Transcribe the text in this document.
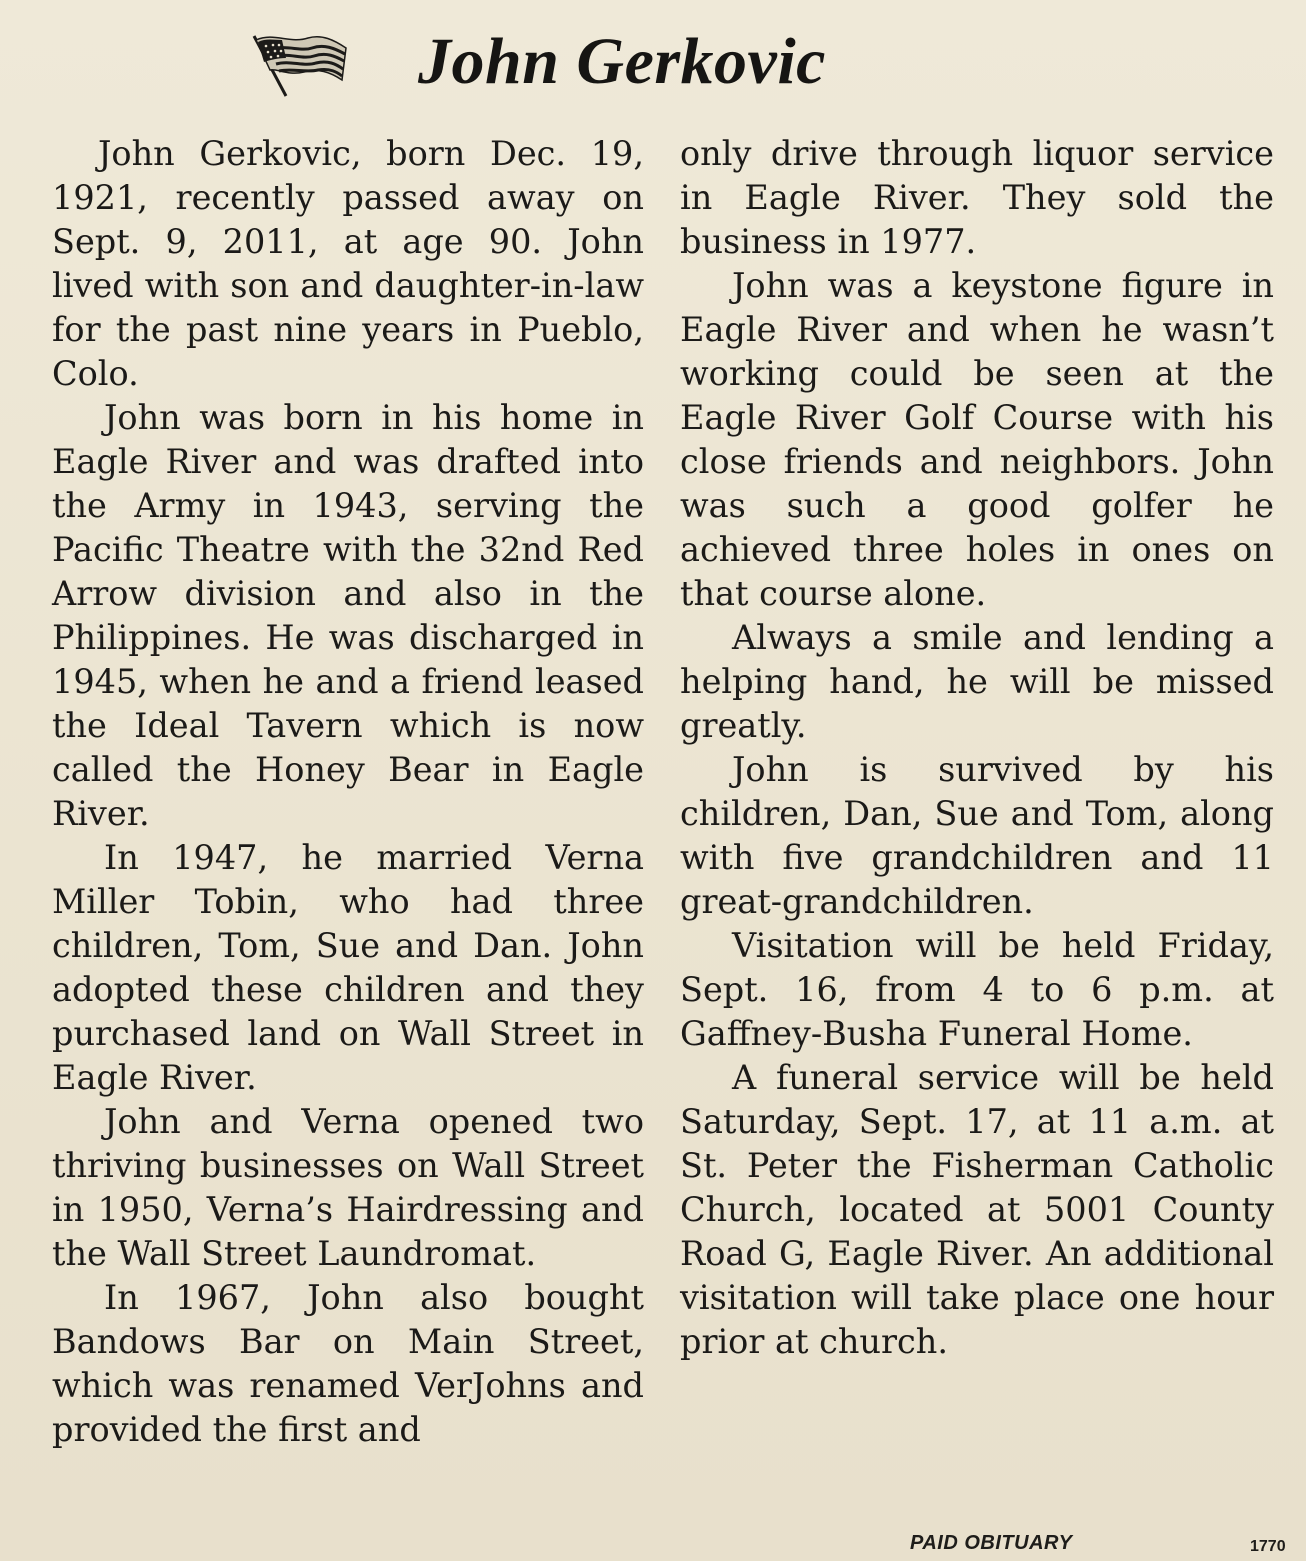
John Gerkovic

John Gerkovic, born Dec. 19, 1921, recently passed away on Sept. 9, 2011, at age 90. John lived with son and daughter-in-law for the past nine years in Pueblo, Colo.

John was born in his home in Eagle River and was drafted into the Army in 1943, serving the Pacific Theatre with the 32nd Red Arrow division and also in the Philippines. He was discharged in 1945, when he and a friend leased the Ideal Tavern which is now called the Honey Bear in Eagle River.

In 1947, he married Verna Miller Tobin, who had three children, Tom, Sue and Dan. John adopted these children and they purchased land on Wall Street in Eagle River.

John and Verna opened two thriving businesses on Wall Street in 1950, Verna’s Hairdressing and the Wall Street Laundromat.

In 1967, John also bought Bandows Bar on Main Street, which was renamed VerJohns and provided the first and

only drive through liquor service in Eagle River. They sold the business in 1977.

John was a keystone figure in Eagle River and when he wasn’t working could be seen at the Eagle River Golf Course with his close friends and neighbors. John was such a good golfer he achieved three holes in ones on that course alone.

Always a smile and lending a helping hand, he will be missed greatly.

John is survived by his children, Dan, Sue and Tom, along with five grandchildren and 11 great-grandchildren.

Visitation will be held Friday, Sept. 16, from 4 to 6 p.m. at Gaffney-Busha Funeral Home.

A funeral service will be held Saturday, Sept. 17, at 11 a.m. at St. Peter the Fisherman Catholic Church, located at 5001 County Road G, Eagle River. An additional visitation will take place one hour prior at church.

PAID OBITUARY	1770
